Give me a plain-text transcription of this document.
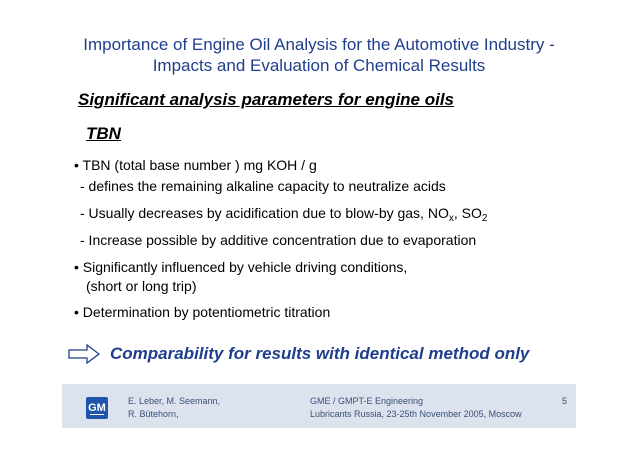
Importance of Engine Oil Analysis for the Automotive Industry -
Impacts and Evaluation of Chemical Results
Significant analysis parameters for engine oils
TBN
• TBN (total base number ) mg KOH / g
- defines the remaining alkaline capacity to neutralize acids
- Usually decreases by acidification due to blow-by gas, $NO_x$, $SO_2$
- Increase possible by additive concentration due to evaporation
• Significantly influenced by vehicle driving conditions,
(short or long trip)
• Determination by potentiometric titration
Comparability for results with identical method only
GM
E. Leber, M. Seemann,
R. Bütehorn,
GME / GMPT-E Engineering
Lubricants Russia, 23-25th November 2005, Moscow
5
